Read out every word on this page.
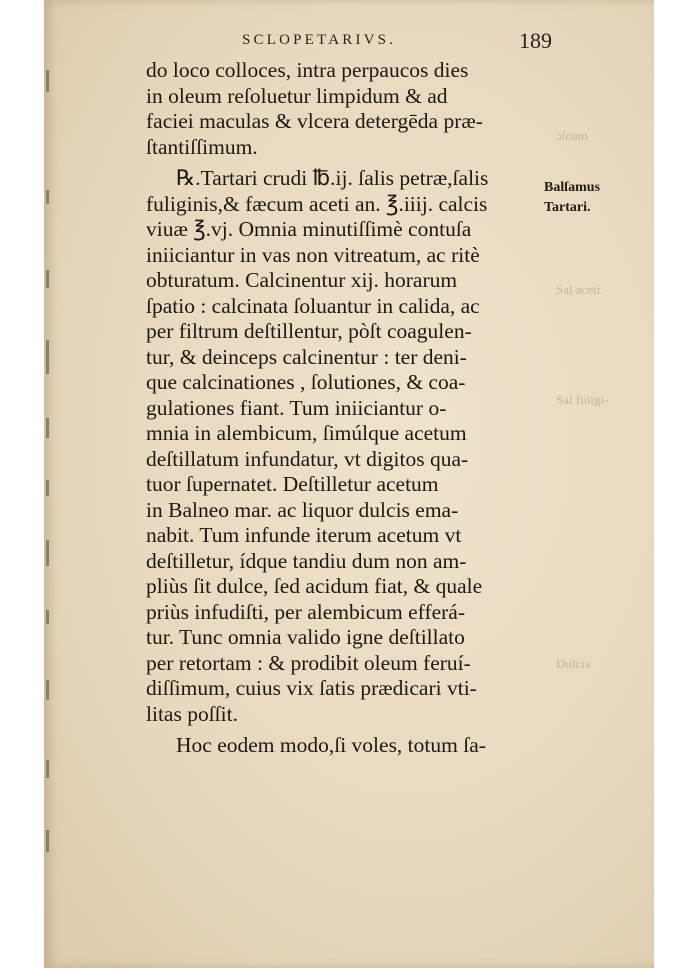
SCLOPETARIVS.	189
ɔlcum
Sal aceti.
Sal fuligi-
Dulcis
do loco colloces, intra perpaucos dies
in oleum reſoluetur limpidum & ad
faciei maculas & vlcera detergēda præ-
ſtantiſſimum.
℞.Tartari crudi ℔.ij. ſalis petræ,ſalis
fuliginis,& fæcum aceti an. ℥.iiij. calcis
viuæ ℥.vj. Omnia minutiſſimè contuſa
iniiciantur in vas non vitreatum, ac ritè
obturatum. Calcinentur xij. horarum
ſpatio : calcinata ſoluantur in calida, ac
per filtrum deſtillentur, pòſt coagulen-
tur, & deinceps calcinentur : ter deni-
que calcinationes , ſolutiones, & coa-
gulationes fiant. Tum iniiciantur o-
mnia in alembicum, ſimúlque acetum
deſtillatum infundatur, vt digitos qua-
tuor ſupernatet. Deſtilletur acetum
in Balneo mar. ac liquor dulcis ema-
nabit. Tum infunde iterum acetum vt
deſtilletur, ídque tandiu dum non am-
pliùs ſit dulce, ſed acidum fiat, & quale
priùs infudiſti, per alembicum efferá-
tur. Tunc omnia valido igne deſtillato
per retortam : & prodibit oleum feruí-
diſſimum, cuius vix ſatis prædicari vti-
litas poſſit.
Hoc eodem modo,ſi voles, totum ſa-
Balſamus
Tartari.
